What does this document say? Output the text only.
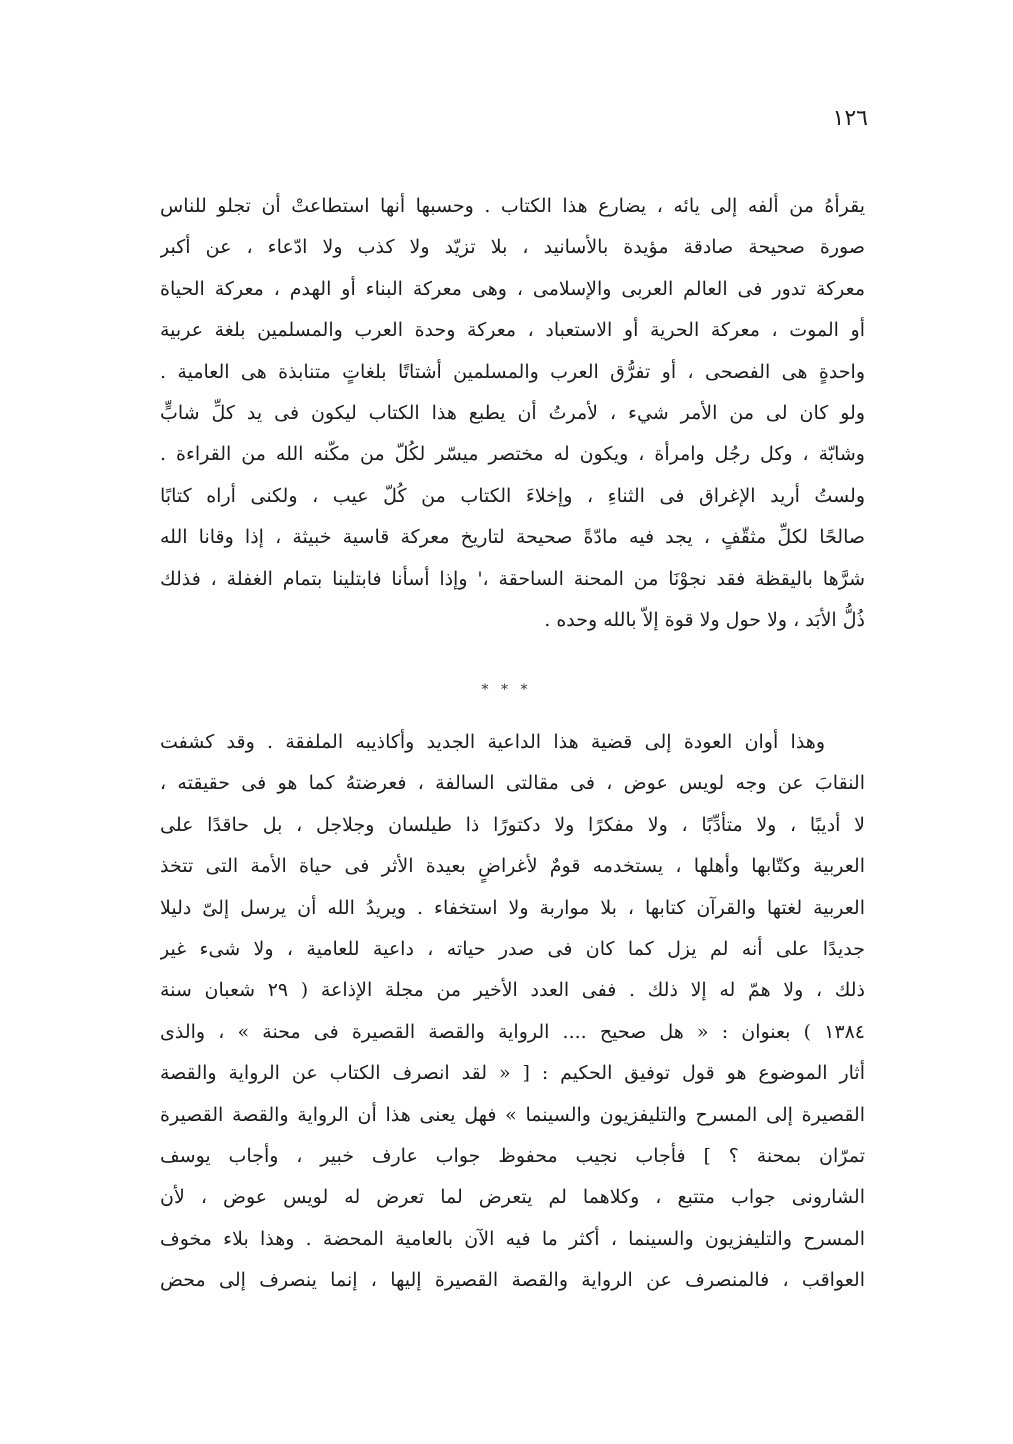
١٢٦
يقرأهُ من ألفه إلى يائه ، يضارع هذا الكتاب . وحسبها أنها استطاعتْ أن تجلو للناس
صورة صحيحة صادقة مؤيدة بالأسانيد ، بلا تزيّد ولا كذب ولا ادّعاء ، عن أكبر
معركة تدور فى العالم العربى والإسلامى ، وهى معركة البناء أو الهدم ، معركة الحياة
أو الموت ، معركة الحرية أو الاستعباد ، معركة وحدة العرب والمسلمين بلغة عربية
واحدةٍ هى الفصحى ، أو تفرُّق العرب والمسلمين أشتاتًا بلغاتٍ متنابذة هى العامية .
ولو كان لى من الأمر شيء ، لأمرتُ أن يطبع هذا الكتاب ليكون فى يد كلِّ شابٍّ
وشابّة ، وكل رجُل وامرأة ، ويكون له مختصر ميسّر لكُلّ من مكّنه الله من القراءة .
ولستُ أريد الإغراق فى الثناءِ ، وإخلاءَ الكتاب من كُلّ عيب ، ولكنى أراه كتابًا
صالحًا لكلِّ مثقّفٍ ، يجد فيه مادّةً صحيحة لتاريخ معركة قاسية خبيثة ، إذا وقانا الله
شرَّها باليقظة فقد نجوْنَا من المحنة الساحقة ،' وإذا أسأنا فابتلينا بتمام الغفلة ، فذلك
ذُلُّ الأبَد ، ولا حول ولا قوة إلاّ بالله وحده .
* * *
وهذا أوان العودة إلى قضية هذا الداعية الجديد وأكاذيبه الملفقة . وقد كشفت
النقابَ عن وجه لويس عوض ، فى مقالتى السالفة ، فعرضتهُ كما هو فى حقيقته ،
لا أديبًا ، ولا متأدِّبًا ، ولا مفكرًا ولا دكتورًا ذا طيلسان وجلاجل ، بل حاقدًا على
العربية وكتّابها وأهلها ، يستخدمه قومٌ لأغراضٍ بعيدة الأثر فى حياة الأمة التى تتخذ
العربية لغتها والقرآن كتابها ، بلا مواربة ولا استخفاء . ويريدُ الله أن يرسل إلىّ دليلا
جديدًا على أنه لم يزل كما كان فى صدر حياته ، داعية للعامية ، ولا شىء غير
ذلك ، ولا همّ له إلا ذلك . ففى العدد الأخير من مجلة الإذاعة ( ٢٩ شعبان سنة
١٣٨٤ ) بعنوان : « هل صحيح .... الرواية والقصة القصيرة فى محنة » ، والذى
أثار الموضوع هو قول توفيق الحكيم : [ « لقد انصرف الكتاب عن الرواية والقصة
القصيرة إلى المسرح والتليفزيون والسينما » فهل يعنى هذا أن الرواية والقصة القصيرة
تمرّان بمحنة ؟ ] فأجاب نجيب محفوظ جواب عارف خبير ، وأجاب يوسف
الشارونى جواب متتبع ، وكلاهما لم يتعرض لما تعرض له لويس عوض ، لأن
المسرح والتليفزيون والسينما ، أكثر ما فيه الآن بالعامية المحضة . وهذا بلاء مخوف
العواقب ، فالمنصرف عن الرواية والقصة القصيرة إليها ، إنما ينصرف إلى محض
